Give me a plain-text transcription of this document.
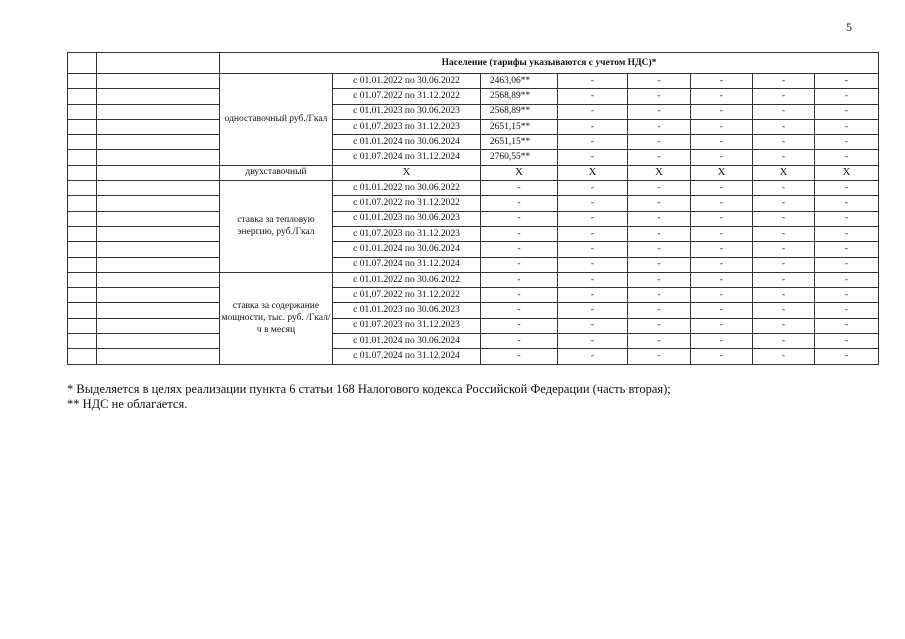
5
		Население (тарифы указываются с учетом НДС)*							
		одноставочный руб./Гкал	с 01.01.2022 по 30.06.2022	2463,06**	-	-	-	-	-
			с 01.07.2022 по 31.12.2022	2568,89**	-	-	-	-	-
			с 01.01.2023 по 30.06.2023	2568,89**	-	-	-	-	-
			с 01.07.2023 по 31.12.2023	2651,15**	-	-	-	-	-
			с 01.01.2024 по 30.06.2024	2651,15**	-	-	-	-	-
			с 01.07.2024 по 31.12.2024	2760,55**	-	-	-	-	-
		двухставочный	Х	Х	Х	Х	Х	Х	Х
		ставка за тепловую энергию, руб./Гкал	с 01.01.2022 по 30.06.2022	-	-	-	-	-	-
			с 01.07.2022 по 31.12.2022	-	-	-	-	-	-
			с 01.01.2023 по 30.06.2023	-	-	-	-	-	-
			с 01.07.2023 по 31.12.2023	-	-	-	-	-	-
			с 01.01.2024 по 30.06.2024	-	-	-	-	-	-
			с 01.07.2024 по 31.12.2024	-	-	-	-	-	-
		ставка за содержание мощности, тыс. руб. /Гкал/ч в месяц	с 01.01.2022 по 30.06.2022	-	-	-	-	-	-
			с 01.07.2022 по 31.12.2022	-	-	-	-	-	-
			с 01.01.2023 по 30.06.2023	-	-	-	-	-	-
			с 01.07.2023 по 31.12.2023	-	-	-	-	-	-
			с 01.01.2024 по 30.06.2024	-	-	-	-	-	-
			с 01.07.2024 по 31.12.2024	-	-	-	-	-	-
* Выделяется в целях реализации пункта 6 статьи 168 Налогового кодекса Российской Федерации (часть вторая);
** НДС не облагается.
